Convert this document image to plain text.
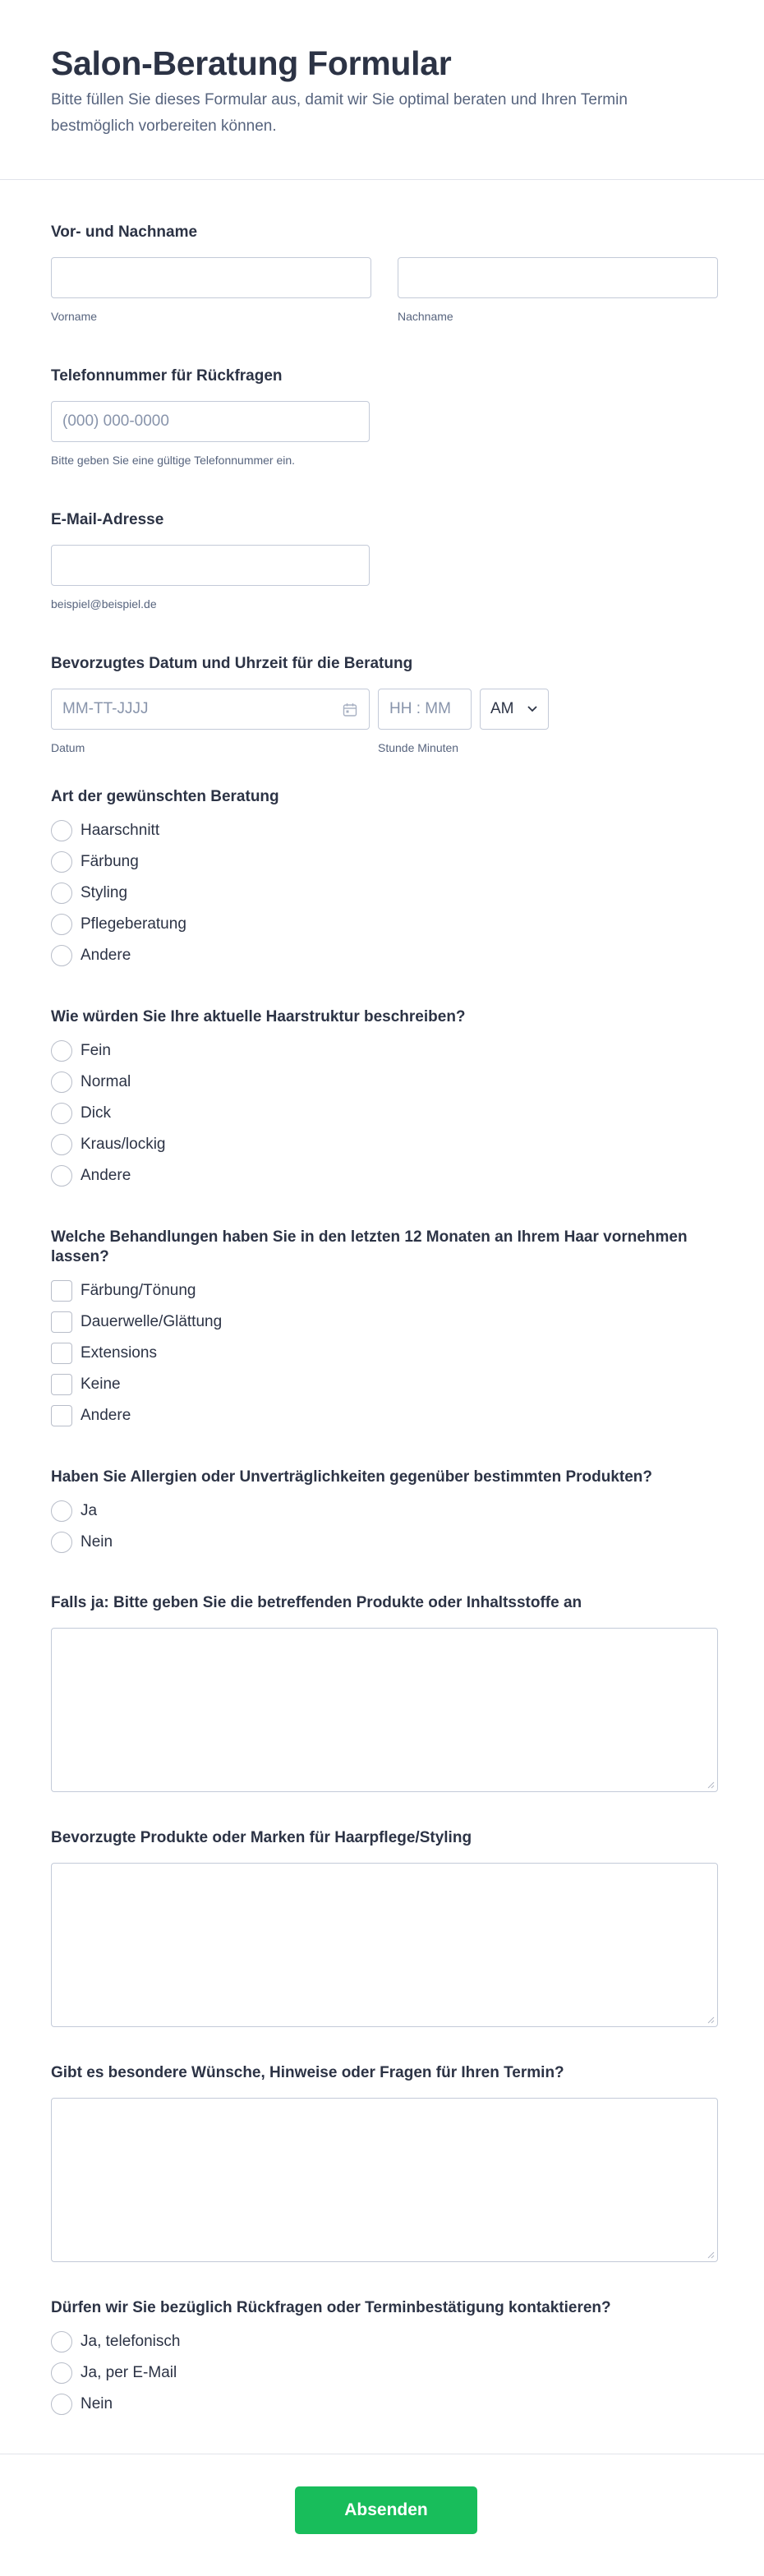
Salon-Beratung Formular

Bitte füllen Sie dieses Formular aus, damit wir Sie optimal beraten und Ihren Termin bestmöglich vorbereiten können.

Vor- und Nachname
Vorname	Nachname
Telefonnummer für Rückfragen
(000) 000-0000
Bitte geben Sie eine gültige Telefonnummer ein.
E-Mail-Adresse
beispiel@beispiel.de
Bevorzugtes Datum und Uhrzeit für die Beratung
MM-TT-JJJJ
Datum
HH : MM
Stunde Minuten
AM
Art der gewünschten Beratung
Haarschnitt
Färbung
Styling
Pflegeberatung
Andere
Wie würden Sie Ihre aktuelle Haarstruktur beschreiben?
Fein
Normal
Dick
Kraus/lockig
Andere
Welche Behandlungen haben Sie in den letzten 12 Monaten an Ihrem Haar vornehmen lassen?
Färbung/Tönung
Dauerwelle/Glättung
Extensions
Keine
Andere
Haben Sie Allergien oder Unverträglichkeiten gegenüber bestimmten Produkten?
Ja
Nein
Falls ja: Bitte geben Sie die betreffenden Produkte oder Inhaltsstoffe an
Bevorzugte Produkte oder Marken für Haarpflege/Styling
Gibt es besondere Wünsche, Hinweise oder Fragen für Ihren Termin?
Dürfen wir Sie bezüglich Rückfragen oder Terminbestätigung kontaktieren?
Ja, telefonisch
Ja, per E-Mail
Nein
Absenden
